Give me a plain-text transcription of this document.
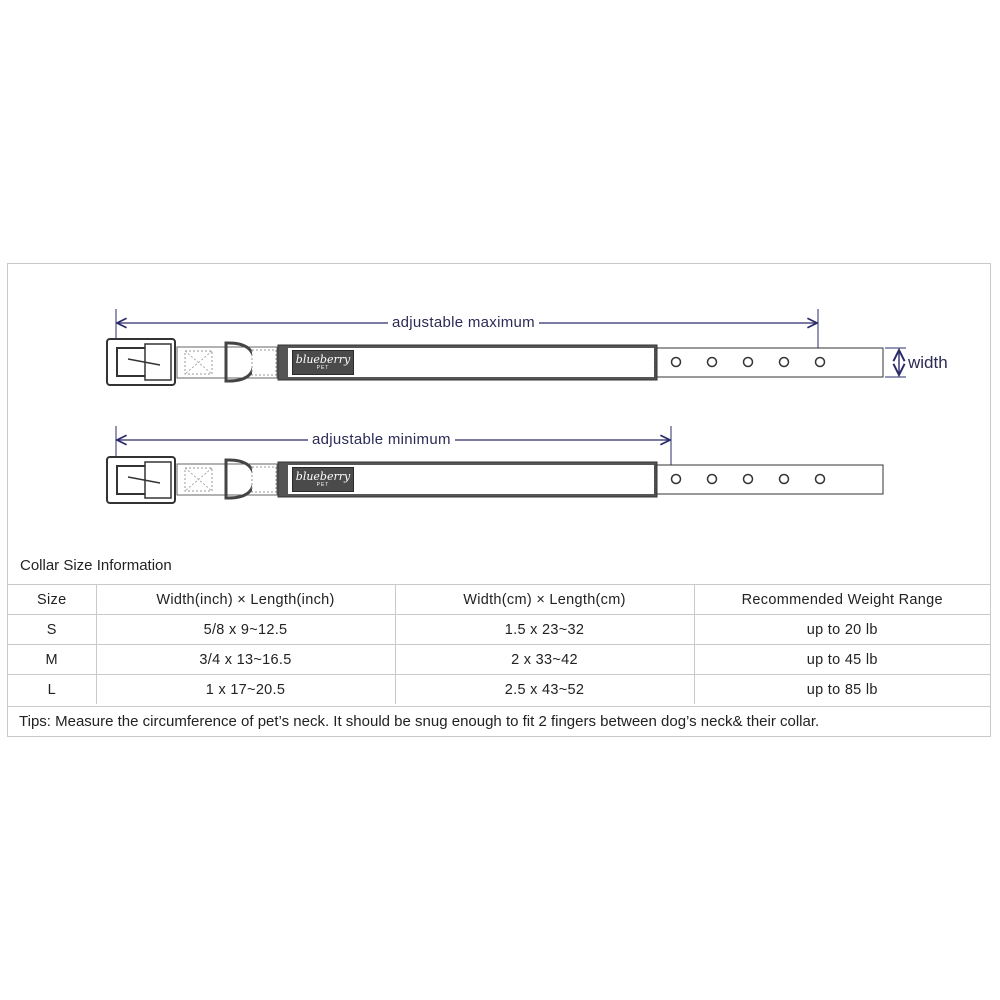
adjustable maximum
adjustable minimum
width
blueberry
PET
blueberry
PET
Collar Size Information
Size	Width(inch) × Length(inch)	Width(cm) × Length(cm)	Recommended Weight Range
S	5/8 x 9~12.5	1.5 x 23~32	up to 20 lb
M	3/4 x 13~16.5	2 x 33~42	up to 45 lb
L	1 x 17~20.5	2.5 x 43~52	up to 85 lb
Tips: Measure the circumference of pet’s neck. It should be snug enough to fit 2 fingers between dog’s neck& their collar.
